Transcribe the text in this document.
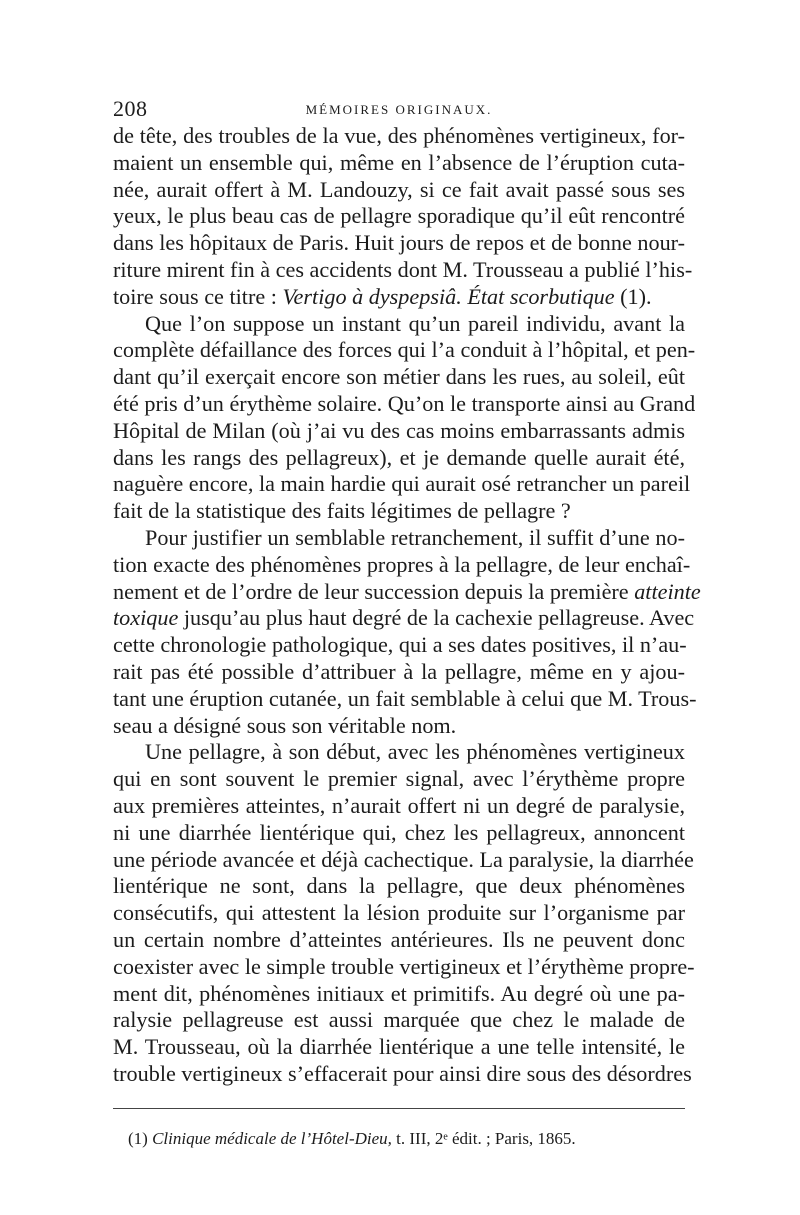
208	MÉMOIRES ORIGINAUX.
de tête, des troubles de la vue, des phénomènes vertigineux, for-
maient un ensemble qui, même en l’absence de l’éruption cuta-
née, aurait offert à M. Landouzy, si ce fait avait passé sous ses
yeux, le plus beau cas de pellagre sporadique qu’il eût rencontré
dans les hôpitaux de Paris. Huit jours de repos et de bonne nour-
riture mirent fin à ces accidents dont M. Trousseau a publié l’his-
toire sous ce titre : Vertigo à dyspepsiâ. État scorbutique (1).
Que l’on suppose un instant qu’un pareil individu, avant la
complète défaillance des forces qui l’a conduit à l’hôpital, et pen-
dant qu’il exerçait encore son métier dans les rues, au soleil, eût
été pris d’un érythème solaire. Qu’on le transporte ainsi au Grand
Hôpital de Milan (où j’ai vu des cas moins embarrassants admis
dans les rangs des pellagreux), et je demande quelle aurait été,
naguère encore, la main hardie qui aurait osé retrancher un pareil
fait de la statistique des faits légitimes de pellagre ?
Pour justifier un semblable retranchement, il suffit d’une no-
tion exacte des phénomènes propres à la pellagre, de leur enchaî-
nement et de l’ordre de leur succession depuis la première atteinte
toxique jusqu’au plus haut degré de la cachexie pellagreuse. Avec
cette chronologie pathologique, qui a ses dates positives, il n’au-
rait pas été possible d’attribuer à la pellagre, même en y ajou-
tant une éruption cutanée, un fait semblable à celui que M. Trous-
seau a désigné sous son véritable nom.
Une pellagre, à son début, avec les phénomènes vertigineux
qui en sont souvent le premier signal, avec l’érythème propre
aux premières atteintes, n’aurait offert ni un degré de paralysie,
ni une diarrhée lientérique qui, chez les pellagreux, annoncent
une période avancée et déjà cachectique. La paralysie, la diarrhée
lientérique ne sont, dans la pellagre, que deux phénomènes
consécutifs, qui attestent la lésion produite sur l’organisme par
un certain nombre d’atteintes antérieures. Ils ne peuvent donc
coexister avec le simple trouble vertigineux et l’érythème propre-
ment dit, phénomènes initiaux et primitifs. Au degré où une pa-
ralysie pellagreuse est aussi marquée que chez le malade de
M. Trousseau, où la diarrhée lientérique a une telle intensité, le
trouble vertigineux s’effacerait pour ainsi dire sous des désordres
(1) Clinique médicale de l’Hôtel-Dieu, t. III, 2ᵉ édit. ; Paris, 1865.
